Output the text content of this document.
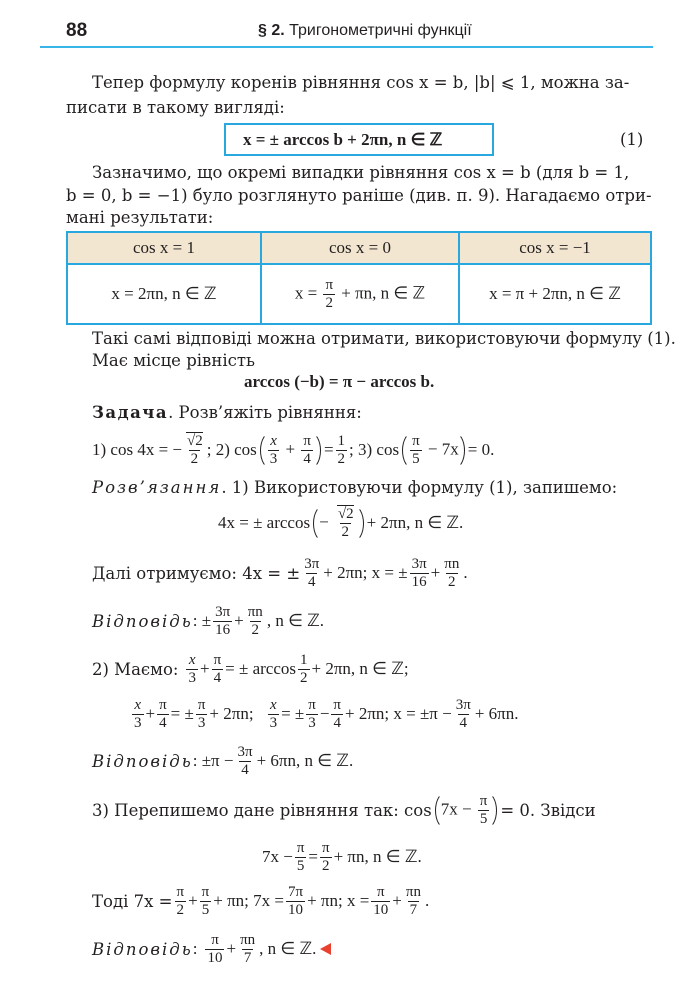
88	§ 2. Тригонометричні функції
Тепер формулу коренів рівняння cos x = b, |b| ⩽ 1, можна за-
писати в такому вигляді:
x = ± arccos b + 2πn, n ∈ ℤ	(1)
Зазначимо, що окремі випадки рівняння cos x = b (для b = 1,
b = 0, b = −1) було розглянуто раніше (див. п. 9). Нагадаємо отри-
мані результати:
cos x = 1	cos x = 0	cos x = −1
x = 2πn, n ∈ ℤ	$x = \frac{\pi}{2} + \pi n$, n ∈ ℤ	x = π + 2πn, n ∈ ℤ
Такі самі відповіді можна отримати, використовуючи формулу (1).
Має місце рівність
arccos (−b) = π − arccos b.
Задача. Розв’яжіть рівняння:
1) cos 4x = − $\frac{√2}{2}$ ; 2) $\cos \frac{x}{3} + \frac{\pi}{4} = \frac{1}{2}$ ; 3) $\cos \frac{\pi}{5} - 7x = 0$.
Розв’язання. 1) Використовуючи формулу (1), запишемо:
4x = ± $\arccos - \frac{√2}{2} + 2\pi n$, n ∈ ℤ.
Далі отримуємо: 4x = ± $\frac{3\pi}{4} + 2\pi n$; x = ± $\frac{3\pi}{16} + \frac{\pi n}{2}$ .
Відповідь : ± $\frac{3\pi}{16} + \frac{\pi n}{2}$ , n ∈ ℤ.
2) Маємо: $\frac{x}{3} + \frac{\pi}{4}$ = ± $\arccos \frac{1}{2} + 2\pi n$, n ∈ ℤ;
$\frac{x}{3} + \frac{\pi}{4}$ = ± $\frac{\pi}{3} + 2\pi n$; $\frac{x}{3}$ = ± $\frac{\pi}{3} - \frac{\pi}{4} + 2\pi n$; $x = \pm\pi - \frac{3\pi}{4} + 6\pi n$.
Відповідь : $\pm\pi - \frac{3\pi}{4} + 6\pi n$, n ∈ ℤ.
3) Перепишемо дане рівняння так: $\cos 7x - \frac{\pi}{5} = 0$. Звідси
$7x - \frac{\pi}{5} = \frac{\pi}{2} + \pi n$, n ∈ ℤ.
Тоді $7x = \frac{\pi}{2} + \frac{\pi}{5} + \pi n$; $7x = \frac{7\pi}{10} + \pi n$; $x = \frac{\pi}{10} + \frac{\pi n}{7}$ .
Відповідь : $\frac{\pi}{10} + \frac{\pi n}{7}$ , n ∈ ℤ.
